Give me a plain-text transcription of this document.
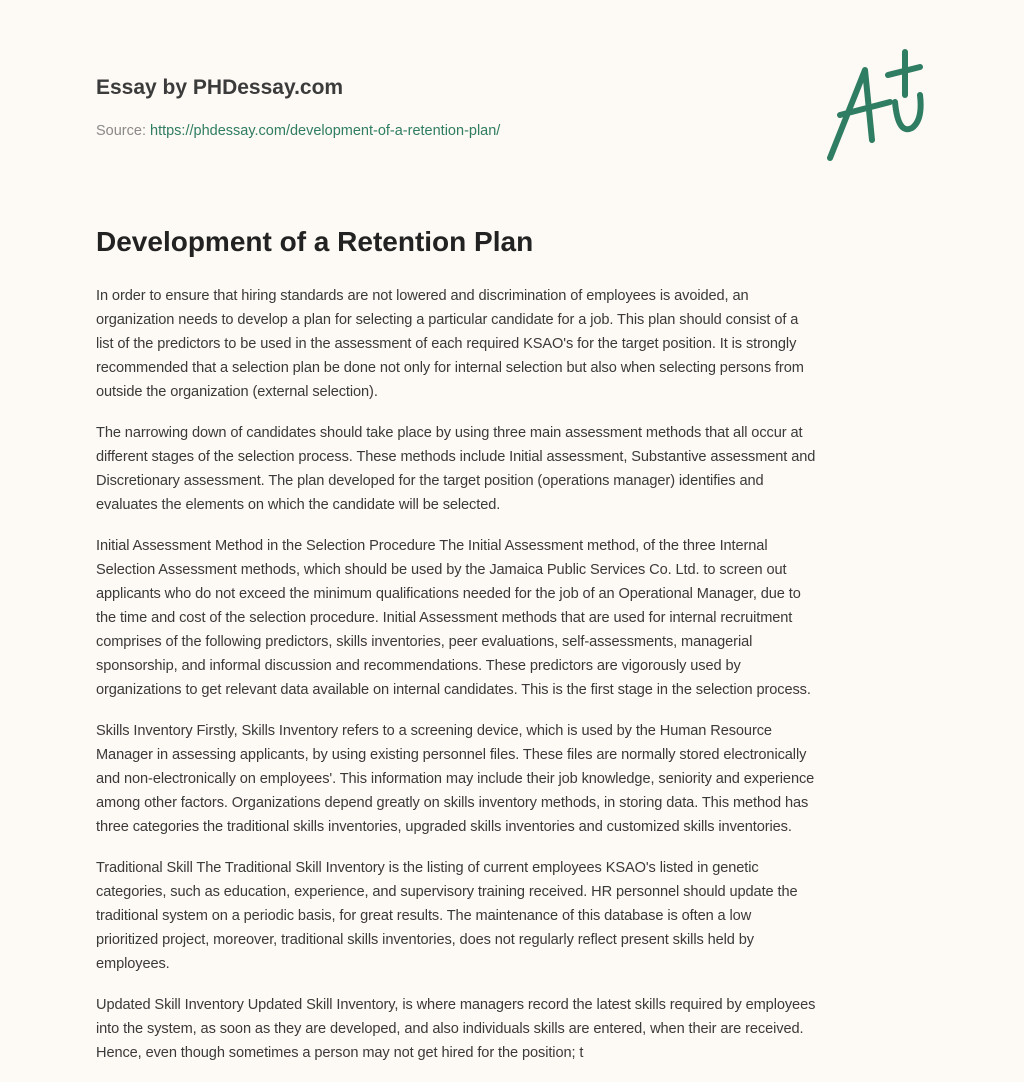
Essay by PHDessay.com
Source: https://phdessay.com/development-of-a-retention-plan/
Development of a Retention Plan

In order to ensure that hiring standards are not lowered and discrimination of employees is avoided, an
organization needs to develop a plan for selecting a particular candidate for a job. This plan should consist of a
list of the predictors to be used in the assessment of each required KSAO's for the target position. It is strongly
recommended that a selection plan be done not only for internal selection but also when selecting persons from
outside the organization (external selection).

The narrowing down of candidates should take place by using three main assessment methods that all occur at
different stages of the selection process. These methods include Initial assessment, Substantive assessment and
Discretionary assessment. The plan developed for the target position (operations manager) identifies and
evaluates the elements on which the candidate will be selected.

Initial Assessment Method in the Selection Procedure The Initial Assessment method, of the three Internal
Selection Assessment methods, which should be used by the Jamaica Public Services Co. Ltd. to screen out
applicants who do not exceed the minimum qualifications needed for the job of an Operational Manager, due to
the time and cost of the selection procedure. Initial Assessment methods that are used for internal recruitment
comprises of the following predictors, skills inventories, peer evaluations, self-assessments, managerial
sponsorship, and informal discussion and recommendations. These predictors are vigorously used by
organizations to get relevant data available on internal candidates. This is the first stage in the selection process.

Skills Inventory Firstly, Skills Inventory refers to a screening device, which is used by the Human Resource
Manager in assessing applicants, by using existing personnel files. These files are normally stored electronically
and non-electronically on employees'. This information may include their job knowledge, seniority and experience
among other factors. Organizations depend greatly on skills inventory methods, in storing data. This method has
three categories the traditional skills inventories, upgraded skills inventories and customized skills inventories.

Traditional Skill The Traditional Skill Inventory is the listing of current employees KSAO's listed in genetic
categories, such as education, experience, and supervisory training received. HR personnel should update the
traditional system on a periodic basis, for great results. The maintenance of this database is often a low
prioritized project, moreover, traditional skills inventories, does not regularly reflect present skills held by
employees.

Updated Skill Inventory Updated Skill Inventory, is where managers record the latest skills required by employees
into the system, as soon as they are developed, and also individuals skills are entered, when their are received.
Hence, even though sometimes a person may not get hired for the position; t
